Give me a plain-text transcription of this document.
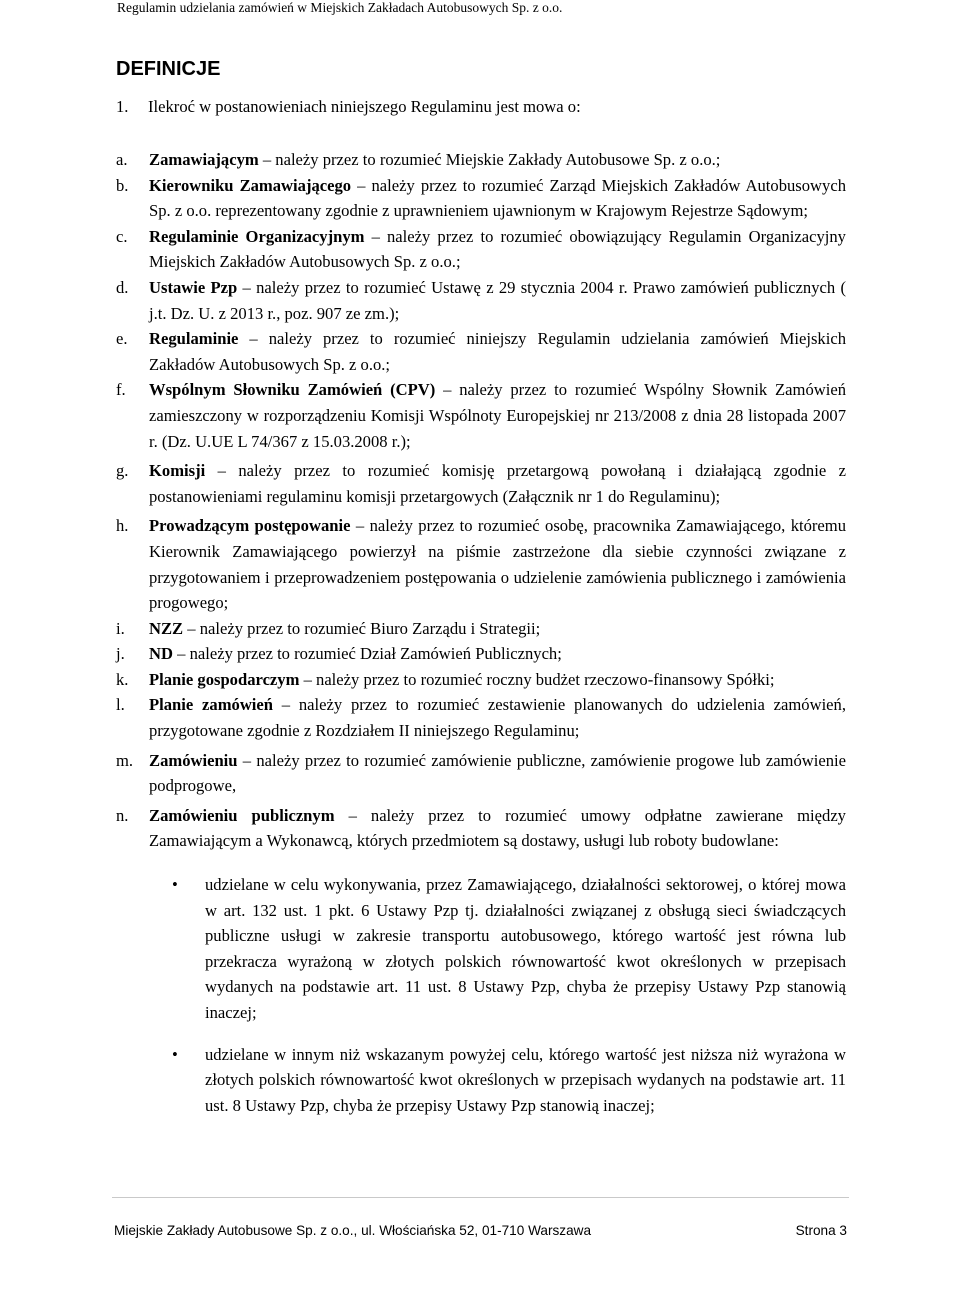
Regulamin udzielania zamówień w Miejskich Zakładach Autobusowych Sp. z o.o.
DEFINICJE
1. Ilekroć w postanowieniach niniejszego Regulaminu jest mowa o:
a. Zamawiającym – należy przez to rozumieć Miejskie Zakłady Autobusowe Sp. z o.o.;
b. Kierowniku Zamawiającego – należy przez to rozumieć Zarząd Miejskich Zakładów Autobusowych Sp. z o.o. reprezentowany zgodnie z uprawnieniem ujawnionym w Krajowym Rejestrze Sądowym;
c. Regulaminie Organizacyjnym – należy przez to rozumieć obowiązujący Regulamin Organizacyjny Miejskich Zakładów Autobusowych Sp. z o.o.;
d. Ustawie Pzp – należy przez to rozumieć Ustawę z 29 stycznia 2004 r. Prawo zamówień publicznych ( j.t. Dz. U. z 2013 r., poz. 907 ze zm.);
e. Regulaminie – należy przez to rozumieć niniejszy Regulamin udzielania zamówień Miejskich Zakładów Autobusowych Sp. z o.o.;
f. Wspólnym Słowniku Zamówień (CPV) – należy przez to rozumieć Wspólny Słownik Zamówień zamieszczony w rozporządzeniu Komisji Wspólnoty Europejskiej nr 213/2008 z dnia 28 listopada 2007 r. (Dz. U.UE L 74/367 z 15.03.2008 r.);
g. Komisji – należy przez to rozumieć komisję przetargową powołaną i działającą zgodnie z postanowieniami regulaminu komisji przetargowych (Załącznik nr 1 do Regulaminu);
h. Prowadzącym postępowanie – należy przez to rozumieć osobę, pracownika Zamawiającego, któremu Kierownik Zamawiającego powierzył na piśmie zastrzeżone dla siebie czynności związane z przygotowaniem i przeprowadzeniem postępowania o udzielenie zamówienia publicznego i zamówienia progowego;
i. NZZ – należy przez to rozumieć Biuro Zarządu i Strategii;
j. ND – należy przez to rozumieć Dział Zamówień Publicznych;
k. Planie gospodarczym – należy przez to rozumieć roczny budżet rzeczowo-finansowy Spółki;
l. Planie zamówień – należy przez to rozumieć zestawienie planowanych do udzielenia zamówień, przygotowane zgodnie z Rozdziałem II niniejszego Regulaminu;
m. Zamówieniu – należy przez to rozumieć zamówienie publiczne, zamówienie progowe lub zamówienie podprogowe,
n. Zamówieniu publicznym – należy przez to rozumieć umowy odpłatne zawierane między Zamawiającym a Wykonawcą, których przedmiotem są dostawy, usługi lub roboty budowlane:
• udzielane w celu wykonywania, przez Zamawiającego, działalności sektorowej, o której mowa w art. 132 ust. 1 pkt. 6 Ustawy Pzp tj. działalności związanej z obsługą sieci świadczących publiczne usługi w zakresie transportu autobusowego, którego wartość jest równa lub przekracza wyrażoną w złotych polskich równowartość kwot określonych w przepisach wydanych na podstawie art. 11 ust. 8 Ustawy Pzp, chyba że przepisy Ustawy Pzp stanowią inaczej;
• udzielane w innym niż wskazanym powyżej celu, którego wartość jest niższa niż wyrażona w złotych polskich równowartość kwot określonych w przepisach wydanych na podstawie art. 11 ust. 8 Ustawy Pzp, chyba że przepisy Ustawy Pzp stanowią inaczej;
Miejskie Zakłady Autobusowe Sp. z o.o., ul. Włościańska 52, 01-710 Warszawa	Strona 3
